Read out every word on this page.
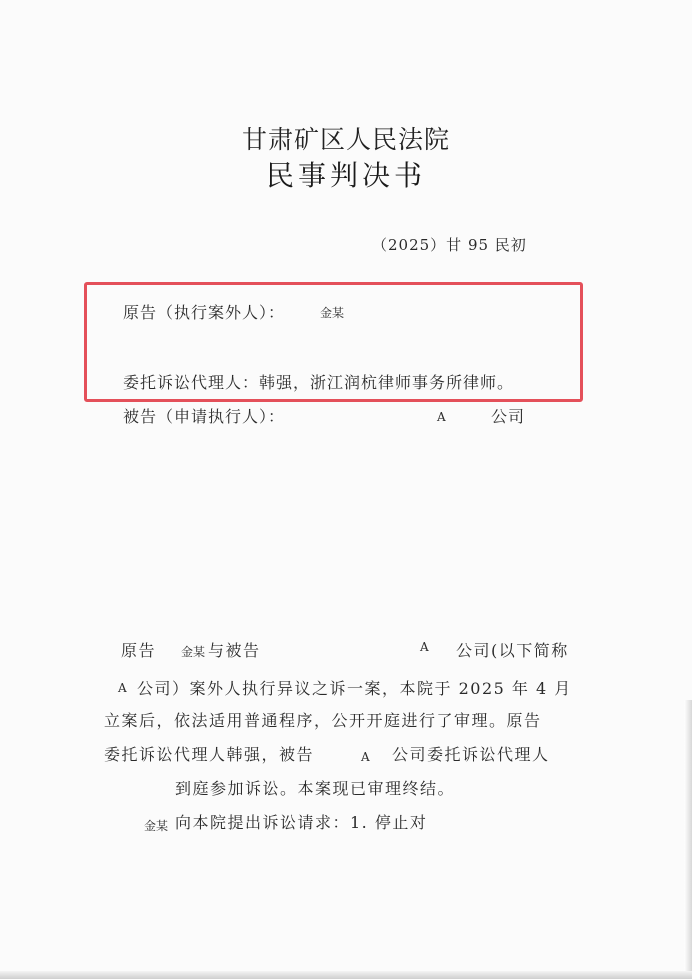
甘肃矿区人民法院
民事判决书
（2025）甘 95 民初
原告（执行案外人）：	金某
委托诉讼代理人：韩强，浙江润杭律师事务所律师。
被告（申请执行人）：	A	公司
原告 金某 与被告	A 公司(以下简称
A 公司）案外人执行异议之诉一案，本院于 2025 年 4 月
立案后，依法适用普通程序，公开开庭进行了审理。原告
委托诉讼代理人韩强，被告	A 公司委托诉讼代理人
到庭参加诉讼。本案现已审理终结。
金某 向本院提出诉讼请求：1. 停止对
